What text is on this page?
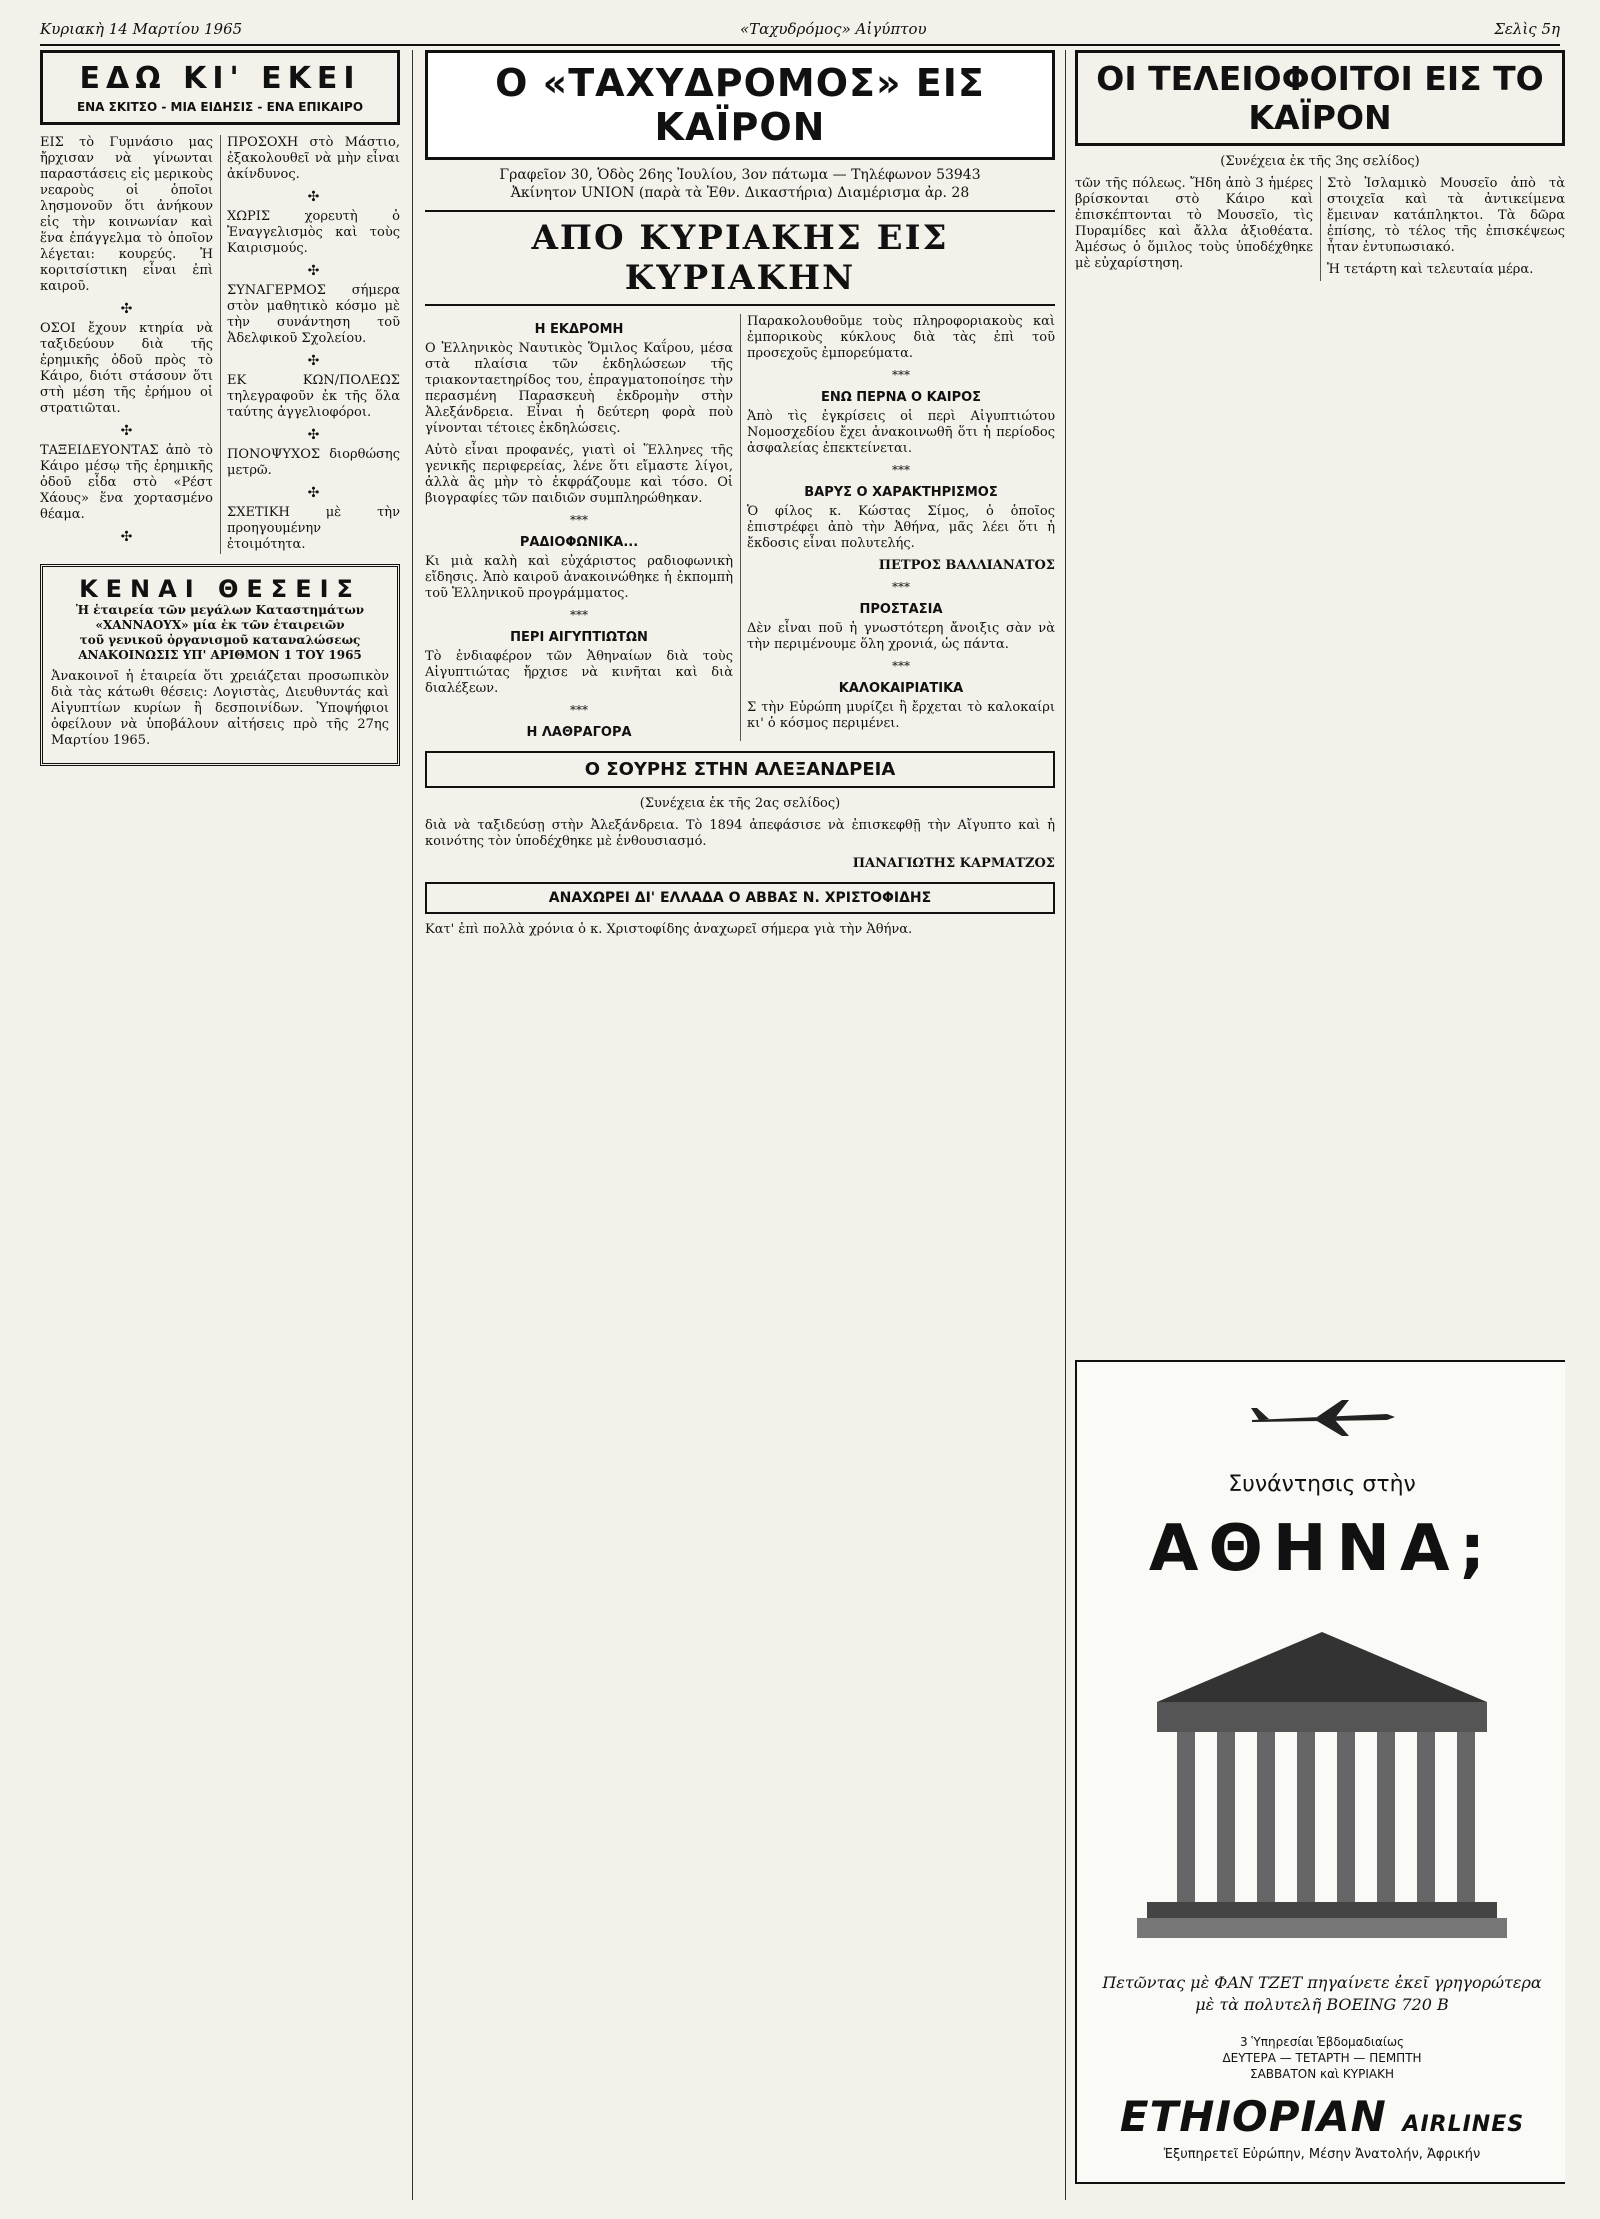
Κυριακὴ 14 Μαρτίου 1965	«Ταχυδρόμος» Αἰγύπτου	Σελὶς 5η
ΕΔΩ ΚΙ' ΕΚΕΙ
ΕΝΑ ΣΚΙΤΣΟ - ΜΙΑ ΕΙΔΗΣΙΣ - ΕΝΑ ΕΠΙΚΑΙΡΟ

ΕΙΣ τὸ Γυμνάσιο μας ἤρχισαν νὰ γίνωνται παραστάσεις εἰς μερικοὺς νεαροὺς οἱ ὁποῖοι λησμονοῦν ὅτι ἀνήκουν εἰς τὴν κοινωνίαν καὶ ἕνα ἐπάγγελμα τὸ ὁποῖον λέγεται: κουρεύς. Ἡ κοριτσίστικη εἶναι ἐπὶ καιροῦ.

✣

ΟΣΟΙ ἔχουν κτηρία νὰ ταξιδεύουν διὰ τῆς ἐρημικῆς ὁδοῦ πρὸς τὸ Κάιρο, διότι στάσουν ὅτι στὴ μέση τῆς ἐρήμου οἱ στρατιῶται.

✣

ΤΑΞΕΙΔΕΥΟΝΤΑΣ ἀπὸ τὸ Κάιρο μέσῳ τῆς ἐρημικῆς ὁδοῦ εἶδα στὸ «Ρέστ Χάους» ἕνα χορτασμένο θέαμα.

✣

ΠΡΟΣΟΧΗ στὸ Μάστιο, ἐξακολουθεῖ νὰ μὴν εἶναι ἀκίνδυνος.

✣

ΧΩΡΙΣ χορευτὴ ὁ Ἐναγγελισμὸς καὶ τοὺς Καιρισμούς.

✣

ΣΥΝΑΓΕΡΜΟΣ σήμερα στὸν μαθητικὸ κόσμο μὲ τὴν συνάντηση τοῦ Ἀδελφικοῦ Σχολείου.

✣

ΕΚ ΚΩΝ/ΠΟΛΕΩΣ τηλεγραφοῦν ἐκ τῆς ὅλα ταύτης ἀγγελιοφόροι.

✣

ΠΟΝΟΨΥΧΟΣ διορθώσης μετρῶ.

✣

ΣΧΕΤΙΚΗ μὲ τὴν προηγουμένην ἐτοιμότητα.

ΚΕΝΑΙ ΘΕΣΕΙΣ
Ἡ ἑταιρεία τῶν μεγάλων Καταστημάτων «ΧΑΝΝΑΟΥΧ» μία ἐκ τῶν ἑταιρειῶν
τοῦ γενικοῦ ὀργανισμοῦ καταναλώσεως
ΑΝΑΚΟΙΝΩΣΙΣ ΥΠ' ΑΡΙΘΜΟΝ 1 ΤΟΥ 1965

Ἀνακοινοῖ ἡ ἑταιρεία ὅτι χρειάζεται προσωπικὸν διὰ τὰς κάτωθι θέσεις: Λογιστὰς, Διευθυντάς καὶ Αἰγυπτίων κυρίων ἢ δεσποινίδων. Ὑποψήφιοι ὀφείλουν νὰ ὑποβάλουν αἰτήσεις πρὸ τῆς 27ης Μαρτίου 1965.

Ο «ΤΑΧΥΔΡΟΜΟΣ» ΕΙΣ ΚΑΪΡΟΝ
Γραφεῖον 30, Ὁδὸς 26ης Ἰουλίου, 3ον πάτωμα — Τηλέφωνον 53943
Ἀκίνητον UNION (παρὰ τὰ Ἐθν. Δικαστήρια) Διαμέρισμα ἀρ. 28
ΑΠΟ ΚΥΡΙΑΚΗΣ ΕΙΣ ΚΥΡΙΑΚΗΝ
Η ΕΚΔΡΟΜΗ

Ο Ἑλληνικὸς Ναυτικὸς Ὅμιλος Καΐρου, μέσα στὰ πλαίσια τῶν ἐκδηλώσεων τῆς τριακονταετηρίδος του, ἐπραγματοποίησε τὴν περασμένη Παρασκευὴ ἐκδρομὴν στὴν Ἀλεξάνδρεια. Εἶναι ἡ δεύτερη φορὰ ποὺ γίνονται τέτοιες ἐκδηλώσεις.

Αὐτὸ εἶναι προφανές, γιατὶ οἱ Ἕλληνες τῆς γενικῆς περιφερείας, λένε ὅτι εἴμαστε λίγοι, ἀλλὰ ἂς μὴν τὸ ἐκφράζουμε καὶ τόσο. Οἱ βιογραφίες τῶν παιδιῶν συμπληρώθηκαν.

***
ΡΑΔΙΟΦΩΝΙΚΑ...

Κι μιὰ καλὴ καὶ εὐχάριστος ραδιοφωνικὴ εἴδησις. Ἀπὸ καιροῦ ἀνακοινώθηκε ἡ ἐκπομπὴ τοῦ Ἑλληνικοῦ προγράμματος.

***
ΠΕΡΙ ΑΙΓΥΠΤΙΩΤΩΝ

Τὸ ἐνδιαφέρον τῶν Ἀθηναίων διὰ τοὺς Αἰγυπτιώτας ἤρχισε νὰ κινῆται καὶ διὰ διαλέξεων.

***
Η ΛΑΘΡΑΓΟΡΑ

Παρακολουθοῦμε τοὺς πληροφοριακοὺς καὶ ἐμπορικοὺς κύκλους διὰ τὰς ἐπὶ τοῦ προσεχοῦς ἐμπορεύματα.

***
ΕΝΩ ΠΕΡΝΑ Ο ΚΑΙΡΟΣ

Ἀπὸ τὶς ἐγκρίσεις οἱ περὶ Αἰγυπτιώτου Νομοσχεδίου ἔχει ἀνακοινωθῆ ὅτι ἡ περίοδος ἀσφαλείας ἐπεκτείνεται.

***
ΒΑΡΥΣ Ο ΧΑΡΑΚΤΗΡΙΣΜΟΣ

Ὁ φίλος κ. Κώστας Σίμος, ὁ ὁποῖος ἐπιστρέφει ἀπὸ τὴν Ἀθήνα, μᾶς λέει ὅτι ἡ ἔκδοσις εἶναι πολυτελής.

ΠΕΤΡΟΣ ΒΑΛΛΙΑΝΑΤΟΣ

***
ΠΡΟΣΤΑΣΙΑ

Δὲν εἶναι ποῦ ἡ γνωστότερη ἄνοιξις σὰν νὰ τὴν περιμένουμε ὅλη χρονιά, ὡς πάντα.

***
ΚΑΛΟΚΑΙΡΙΑΤΙΚΑ

Σ τὴν Εὐρώπη μυρίζει ἢ ἔρχεται τὸ καλοκαίρι κι' ὁ κόσμος περιμένει.

Ο ΣΟΥΡΗΣ ΣΤΗΝ ΑΛΕΞΑΝΔΡΕΙΑ

(Συνέχεια ἐκ τῆς 2ας σελίδος)

διὰ νὰ ταξιδεύσῃ στὴν Ἀλεξάνδρεια. Τὸ 1894 ἀπεφάσισε νὰ ἐπισκεφθῇ τὴν Αἴγυπτο καὶ ἡ κοινότης τὸν ὑποδέχθηκε μὲ ἐνθουσιασμό.

ΠΑΝΑΓΙΩΤΗΣ ΚΑΡΜΑΤΖΟΣ

ΑΝΑΧΩΡΕΙ ΔΙ' ΕΛΛΑΔΑ Ο ΑΒΒΑΣ Ν. ΧΡΙΣΤΟΦΙΔΗΣ

Κατ' ἐπὶ πολλὰ χρόνια ὁ κ. Χριστοφίδης ἀναχωρεῖ σήμερα γιὰ τὴν Ἀθήνα.

ΟΙ ΤΕΛΕΙΟΦΟΙΤΟΙ ΕΙΣ ΤΟ ΚΑΪΡΟΝ

(Συνέχεια ἐκ τῆς 3ης σελίδος)

τῶν τῆς πόλεως. Ἤδη ἀπὸ 3 ἡμέρες βρίσκονται στὸ Κάιρο καὶ ἐπισκέπτονται τὸ Μουσεῖο, τὶς Πυραμίδες καὶ ἄλλα ἀξιοθέατα. Ἀμέσως ὁ ὅμιλος τοὺς ὑποδέχθηκε μὲ εὐχαρίστηση.

Στὸ Ἰσλαμικὸ Μουσεῖο ἀπὸ τὰ στοιχεῖα καὶ τὰ ἀντικείμενα ἔμειναν κατάπληκτοι. Τὰ δῶρα ἐπίσης, τὸ τέλος τῆς ἐπισκέψεως ἦταν ἐντυπωσιακό.

Ἡ τετάρτη καὶ τελευταία μέρα.

Συνάντησις στὴν
ΑΘΗΝΑ;
Πετῶντας μὲ ΦΑΝ ΤΖΕΤ πηγαίνετε ἐκεῖ γρηγορώτερα
μὲ τὰ πολυτελῆ BOEING 720 B
3 Ὑπηρεσίαι Ἑβδομαδιαίως
ΔΕΥΤΕΡΑ — ΤΕΤΑΡΤΗ — ΠΕΜΠΤΗ
ΣΑΒΒΑΤΟΝ καὶ ΚΥΡΙΑΚΗ
ETHIOPIAN AIRLINES
Ἐξυπηρετεῖ Εὐρώπην, Μέσην Ἀνατολήν, Ἀφρικήν
